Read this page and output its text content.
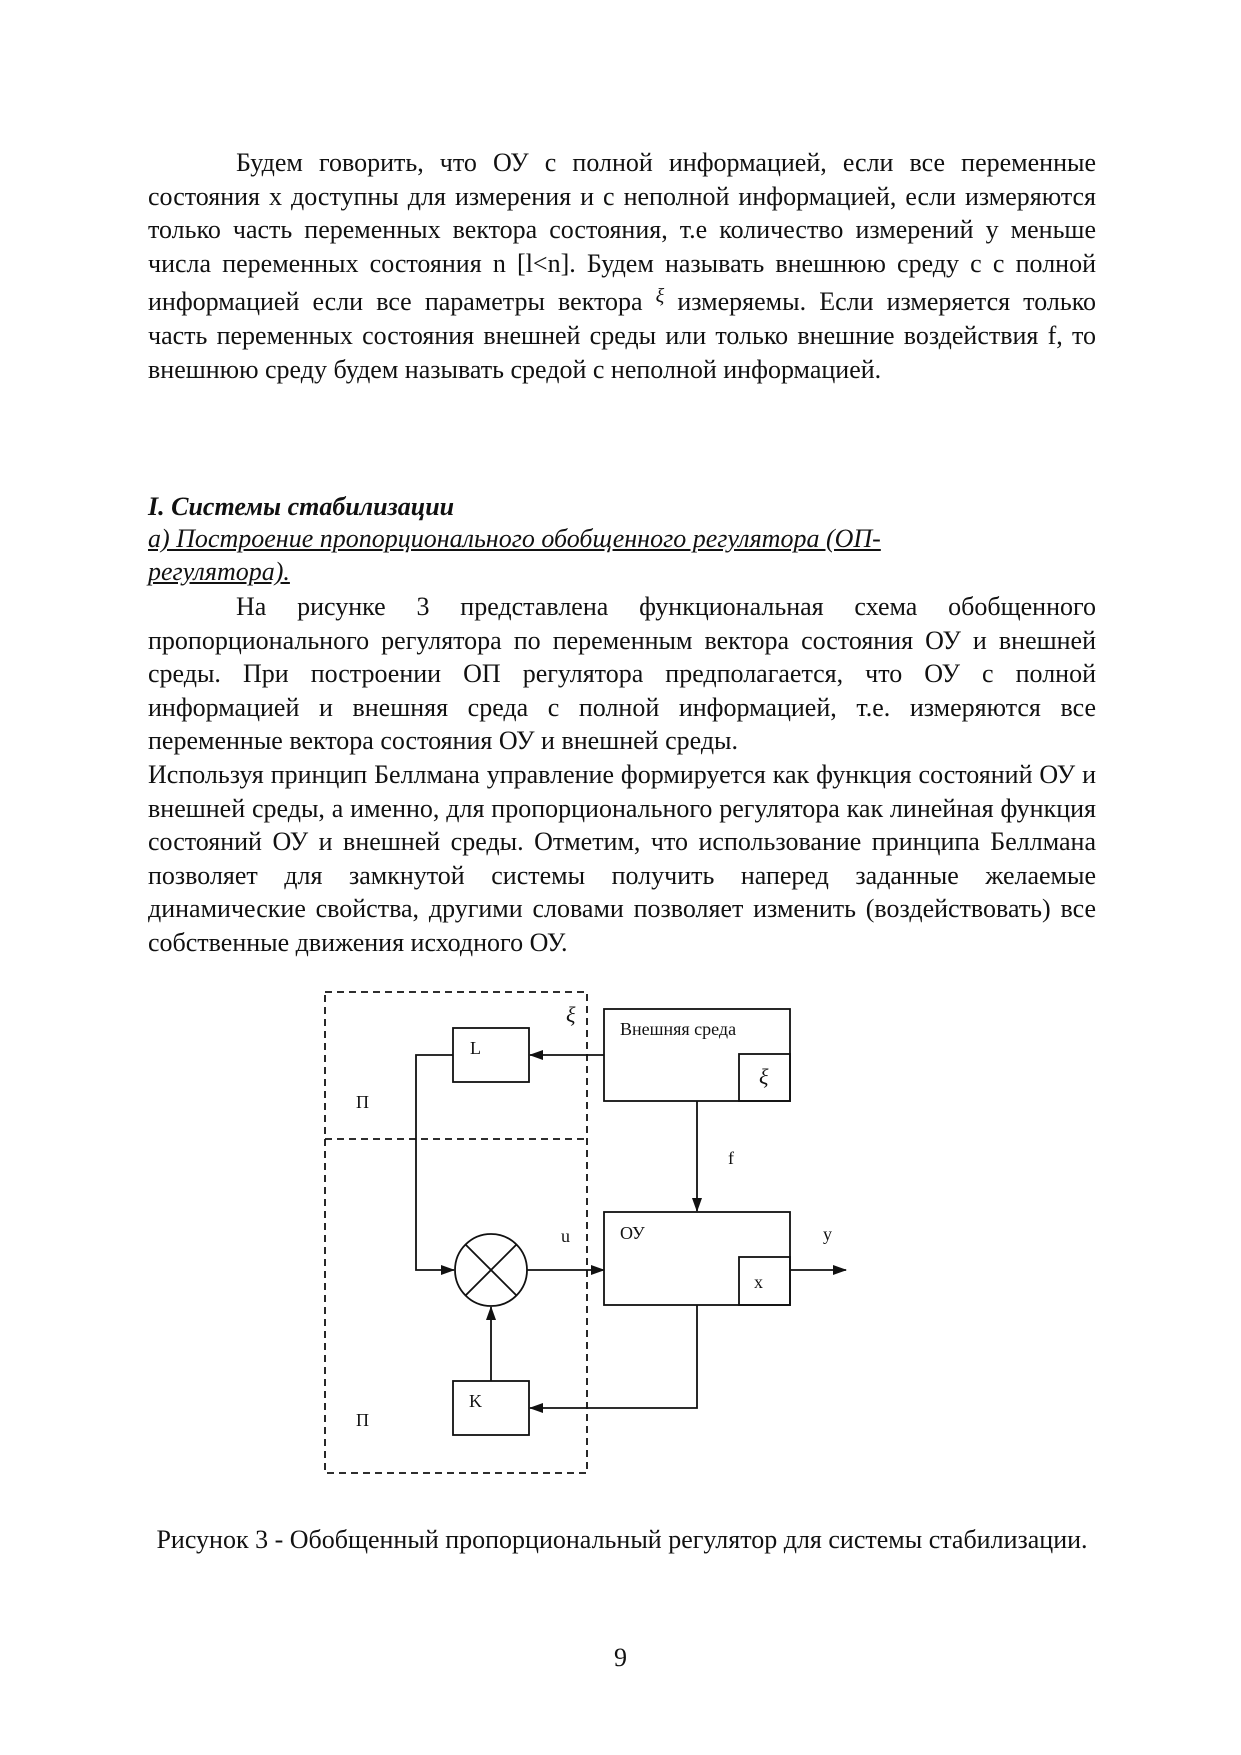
Будем говорить, что ОУ с полной информацией, если все переменные состояния x доступны для измерения и с неполной информацией, если измеряются только часть переменных вектора состояния, т.е количество измерений y меньше числа переменных состояния n [l<n]. Будем называть внешнюю среду с с полной информацией если все параметры вектора $^\xi$ измеряемы. Если измеряется только часть переменных состояния внешней среды или только внешние воздействия f, то внешнюю среду будем называть средой с неполной информацией.
I. Системы стабилизации
а) Построение пропорционального обобщенного регулятора (ОП-регулятора).
На рисунке 3 представлена функциональная схема обобщенного пропорционального регулятора по переменным вектора состояния ОУ и внешней среды. При построении ОП регулятора предполагается, что ОУ с полной информацией и внешняя среда с полной информацией, т.е. измеряются все переменные вектора состояния ОУ и внешней среды.
Используя принцип Беллмана управление формируется как функция состояний ОУ и внешней среды, а именно, для пропорционального регулятора как линейная функция состояний ОУ и внешней среды. Отметим, что использование принципа Беллмана позволяет для замкнутой системы получить наперед заданные желаемые динамические свойства, другими словами позволяет изменить (воздействовать) все собственные движения исходного ОУ.
Внешняя среда
ξ
ξ
L
П
П
f
u	ОУ
x
y
K
Рисунок 3 - Обобщенный пропорциональный регулятор для системы стабилизации.
9
